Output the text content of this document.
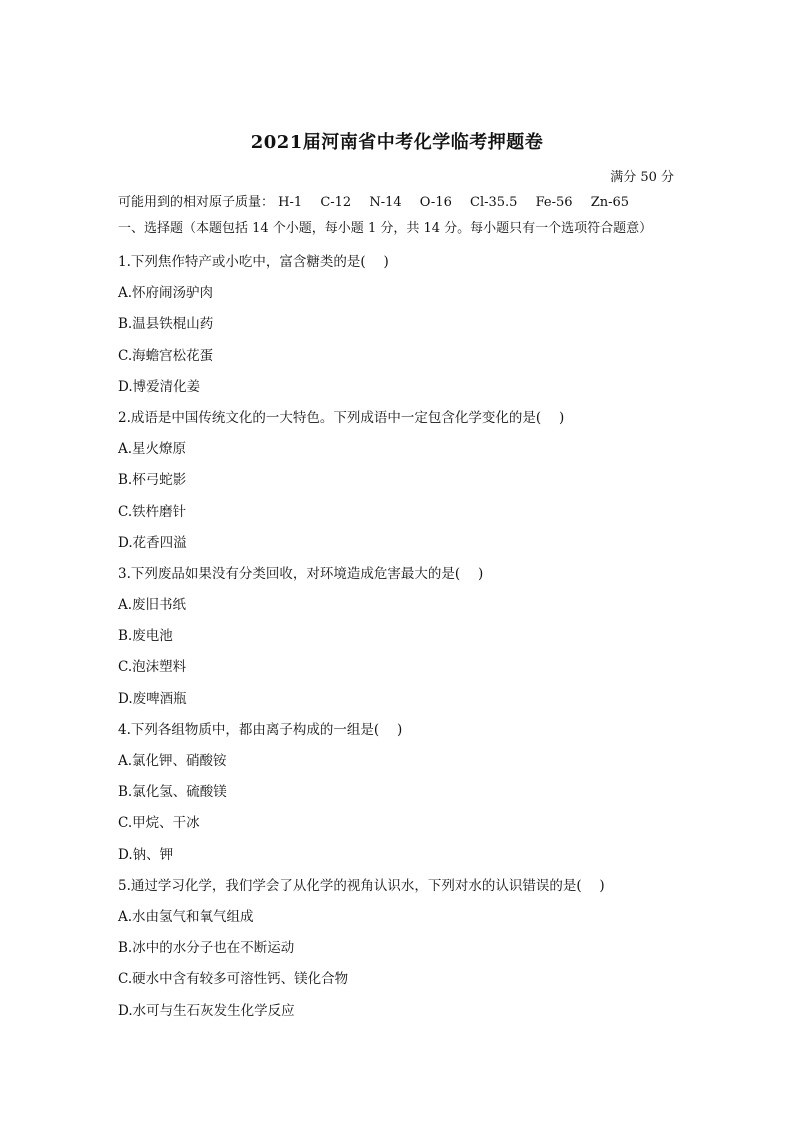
2021届河南省中考化学临考押题卷
满分 50 分
可能用到的相对原子质量： H-1 C-12 N-14 O-16 Cl-35.5 Fe-56 Zn-65
一、选择题（本题包括 14 个小题，每小题 1 分，共 14 分。每小题只有一个选项符合题意）
1.下列焦作特产或小吃中，富含糖类的是(　 )
A.怀府闹汤驴肉
B.温县铁棍山药
C.海蟾宫松花蛋
D.博爱清化姜
2.成语是中国传统文化的一大特色。下列成语中一定包含化学变化的是(　 )
A.星火燎原
B.杯弓蛇影
C.铁杵磨针
D.花香四溢
3.下列废品如果没有分类回收，对环境造成危害最大的是(　 )
A.废旧书纸
B.废电池
C.泡沫塑料
D.废啤酒瓶
4.下列各组物质中，都由离子构成的一组是(　 )
A.氯化钾、硝酸铵
B.氯化氢、硫酸镁
C.甲烷、干冰
D.钠、钾
5.通过学习化学，我们学会了从化学的视角认识水，下列对水的认识错误的是(　 )
A.水由氢气和氧气组成
B.冰中的水分子也在不断运动
C.硬水中含有较多可溶性钙、镁化合物
D.水可与生石灰发生化学反应
